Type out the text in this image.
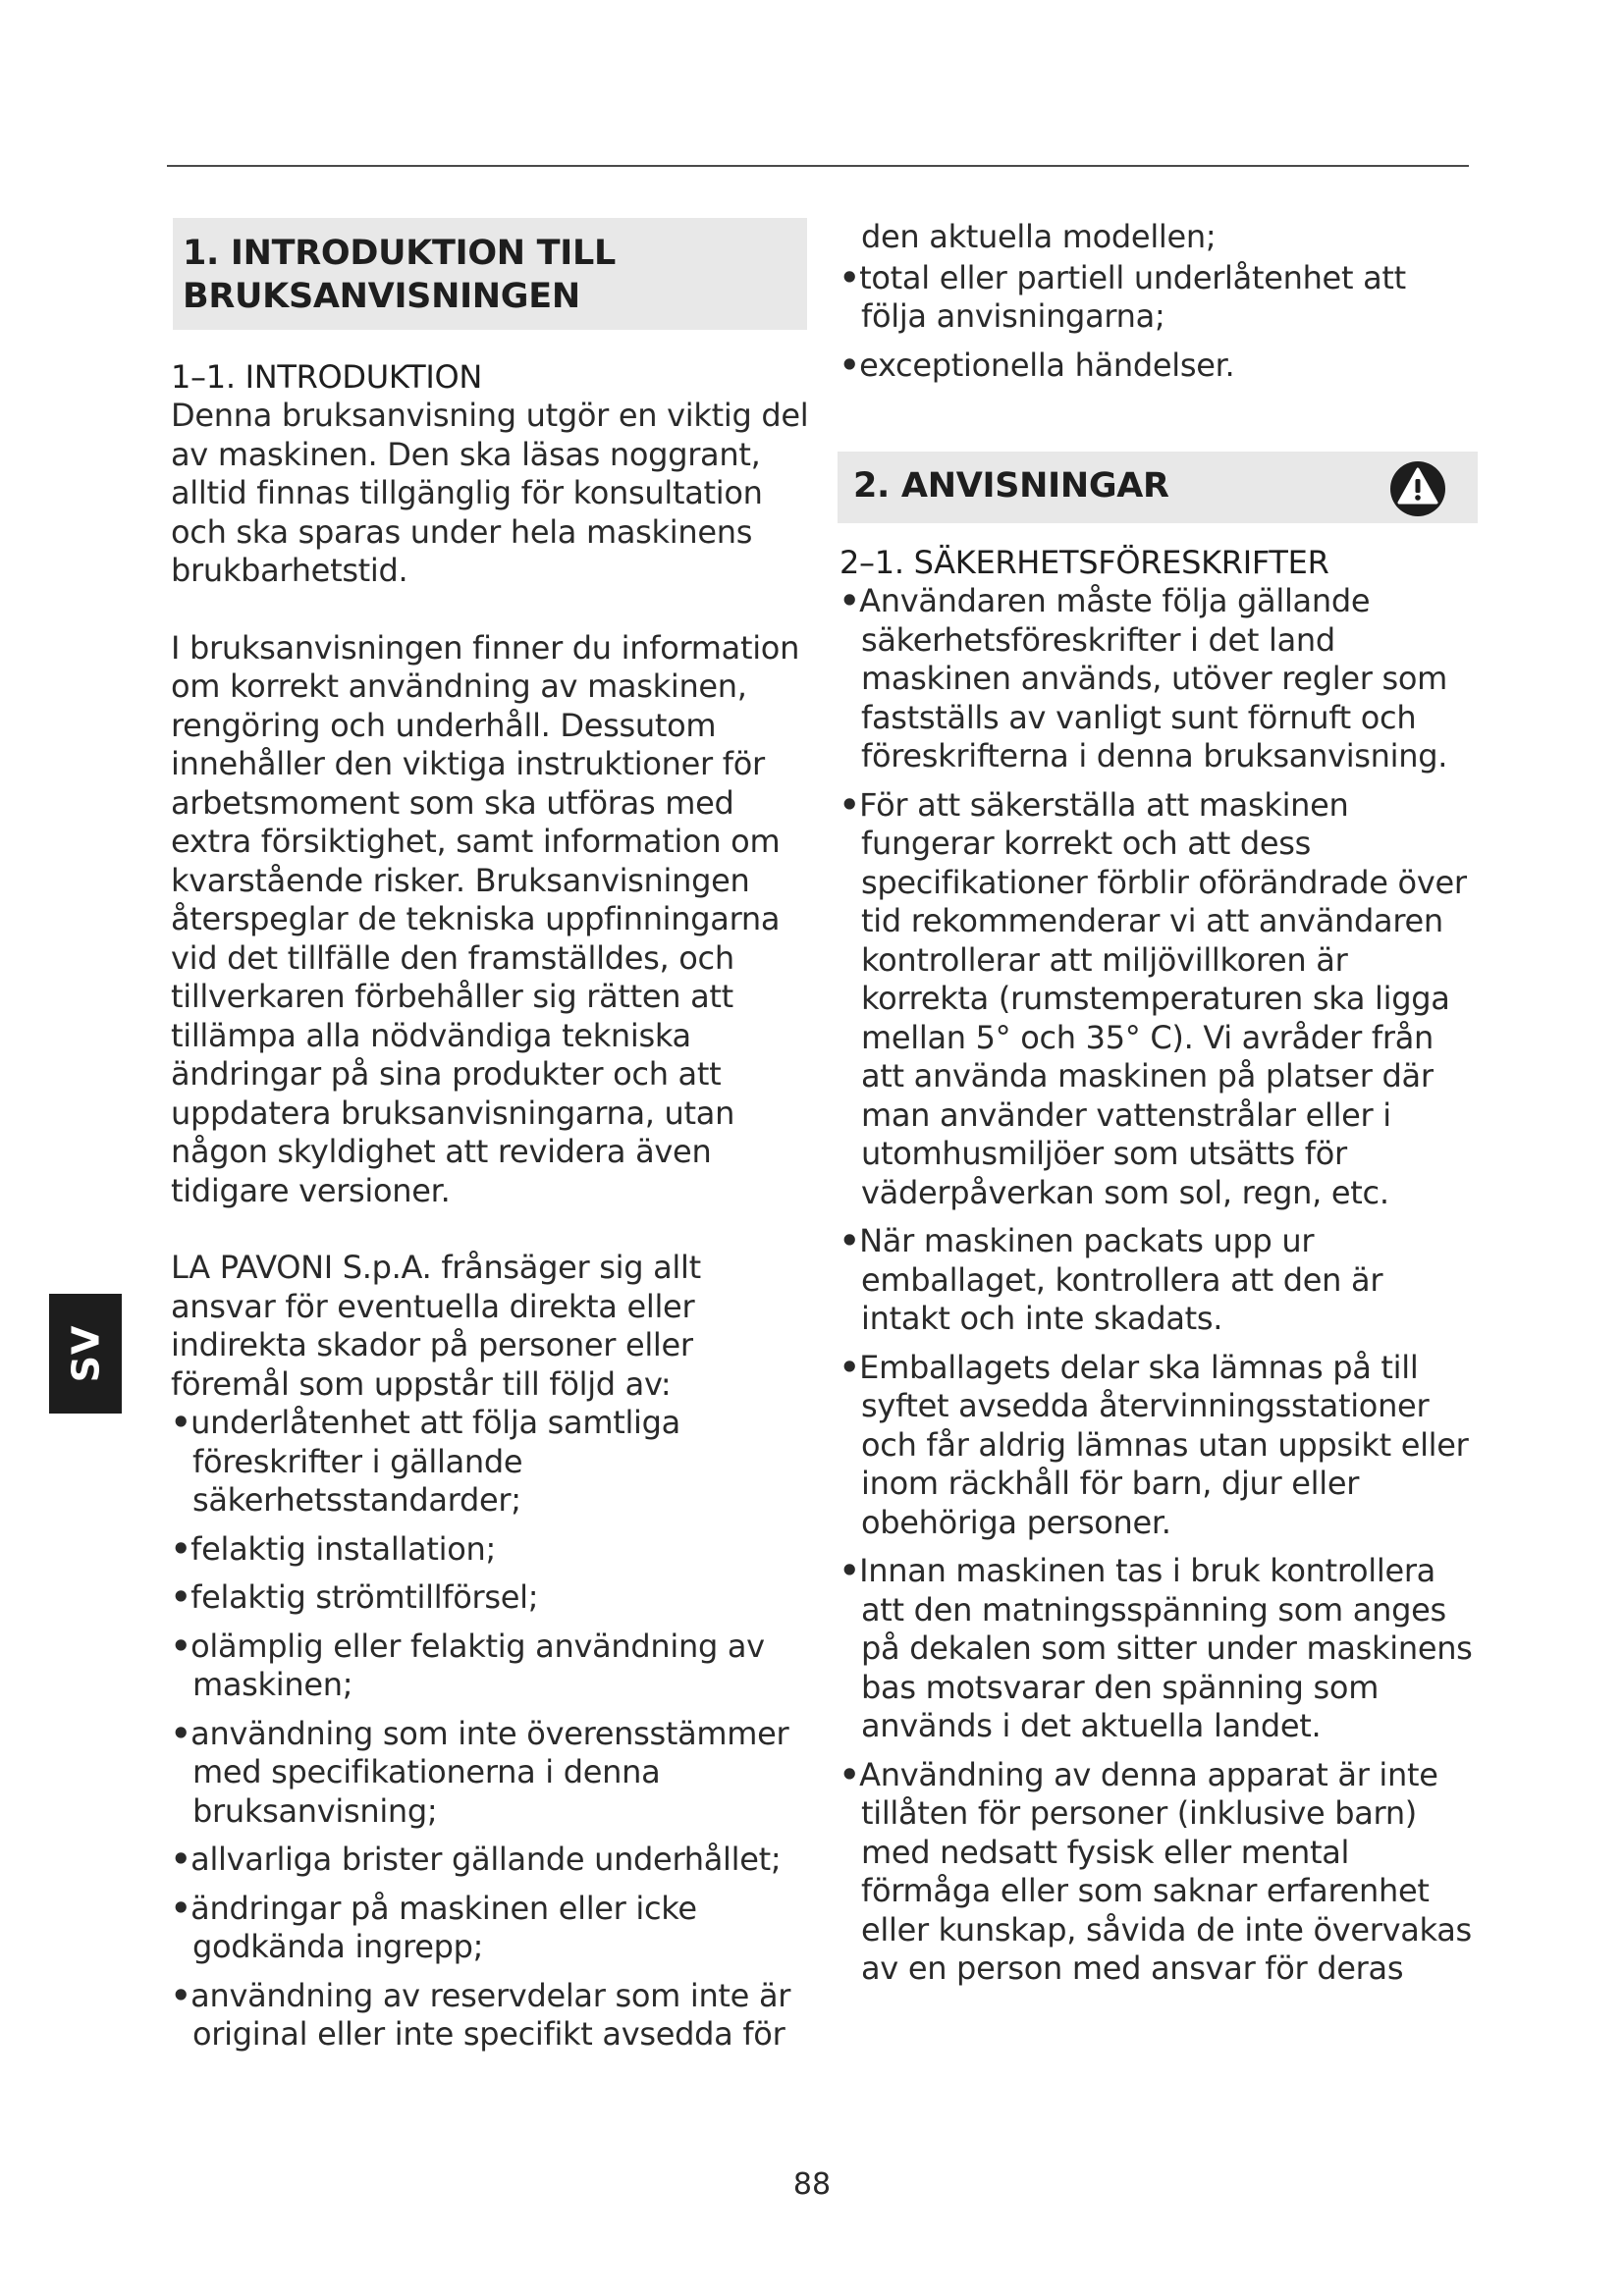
1. INTRODUKTION TILL BRUKSANVISNINGEN
1–1. INTRODUKTION

Denna bruksanvisning utgör en viktig del av maskinen. Den ska läsas noggrant, alltid finnas tillgänglig för konsultation och ska sparas under hela maskinens brukbarhetstid.

I bruksanvisningen finner du information om korrekt användning av maskinen, rengöring och underhåll. Dessutom innehåller den viktiga instruktioner för arbetsmoment som ska utföras med extra försiktighet, samt information om kvarstående risker. Bruksanvisningen återspeglar de tekniska uppfinningarna vid det tillfälle den framställdes, och tillverkaren förbehåller sig rätten att tillämpa alla nödvändiga tekniska ändringar på sina produkter och att uppdatera bruksanvisningarna, utan någon skyldighet att revidera även tidigare versioner.

LA PAVONI S.p.A. frånsäger sig allt ansvar för eventuella direkta eller indirekta skador på personer eller föremål som uppstår till följd av:

•underlåtenhet att följa samtliga föreskrifter i gällande säkerhetsstandarder;
•felaktig installation;
•felaktig strömtillförsel;
•olämplig eller felaktig användning av maskinen;
•användning som inte överensstämmer med specifikationerna i denna bruksanvisning;
•allvarliga brister gällande underhållet;
•ändringar på maskinen eller icke godkända ingrepp;
•användning av reservdelar som inte är original eller inte specifikt avsedda för
den aktuella modellen;
•total eller partiell underlåtenhet att följa anvisningarna;
•exceptionella händelser.
2. ANVISNINGAR
2–1. SÄKERHETSFÖRESKRIFTER
•Användaren måste följa gällande säkerhetsföreskrifter i det land maskinen används, utöver regler som fastställs av vanligt sunt förnuft och föreskrifterna i denna bruksanvisning.
•För att säkerställa att maskinen fungerar korrekt och att dess specifikationer förblir oförändrade över tid rekommenderar vi att användaren kontrollerar att miljövillkoren är korrekta (rumstemperaturen ska ligga mellan 5° och 35° C). Vi avråder från att använda maskinen på platser där man använder vattenstrålar eller i utomhusmiljöer som utsätts för väderpåverkan som sol, regn, etc.
•När maskinen packats upp ur emballaget, kontrollera att den är intakt och inte skadats.
•Emballagets delar ska lämnas på till syftet avsedda återvinningsstationer och får aldrig lämnas utan uppsikt eller inom räckhåll för barn, djur eller obehöriga personer.
•Innan maskinen tas i bruk kontrollera att den matningsspänning som anges på dekalen som sitter under maskinens bas motsvarar den spänning som används i det aktuella landet.
•Användning av denna apparat är inte tillåten för personer (inklusive barn) med nedsatt fysisk eller mental förmåga eller som saknar erfarenhet eller kunskap, såvida de inte övervakas av en person med ansvar för deras
SV
88
